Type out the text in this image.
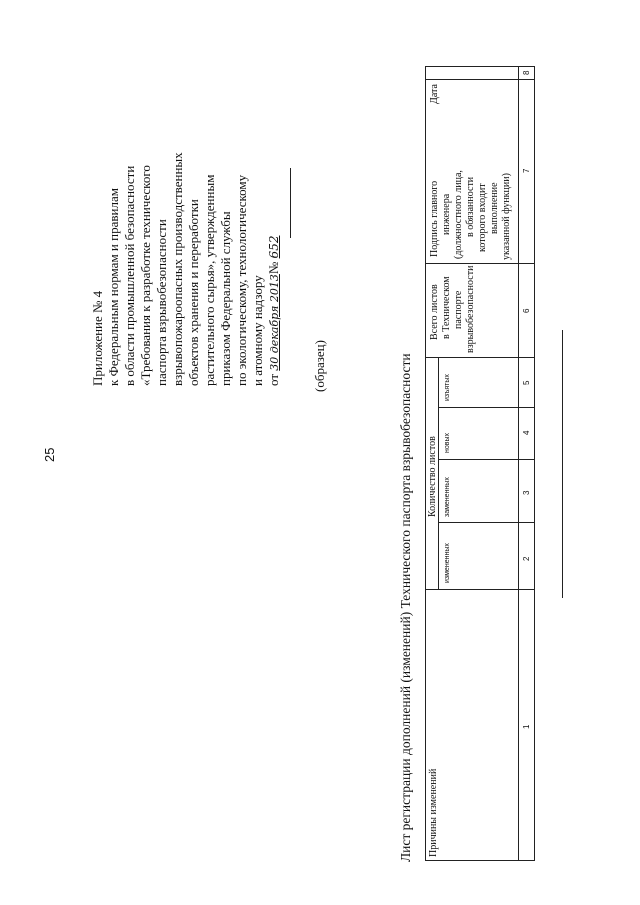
25
Приложение № 4 к Федеральным нормам и правилам в области промышленной безопасности «Требования к разработке технического паспорта взрывобезопасности взрывопожароопасных производственных объектов хранения и переработки растительного сырья», утвержденным приказом Федеральной службы по экологическому, технологическому и атомному надзору от 30 декабря 2013№ 652
(образец)	Лист регистрации дополнений (изменений) Технического паспорта взрывобезопасности Причины изменений
Количество листов
измененных
замененных
новых
изъятых
Всего листов в Техническом паспорте взрывобезопасности
Подпись главного инженера (должностного лица, в обязанности которого входит выполнение указанной функции)
Дата
1
2
3
4
5
6
7
8
